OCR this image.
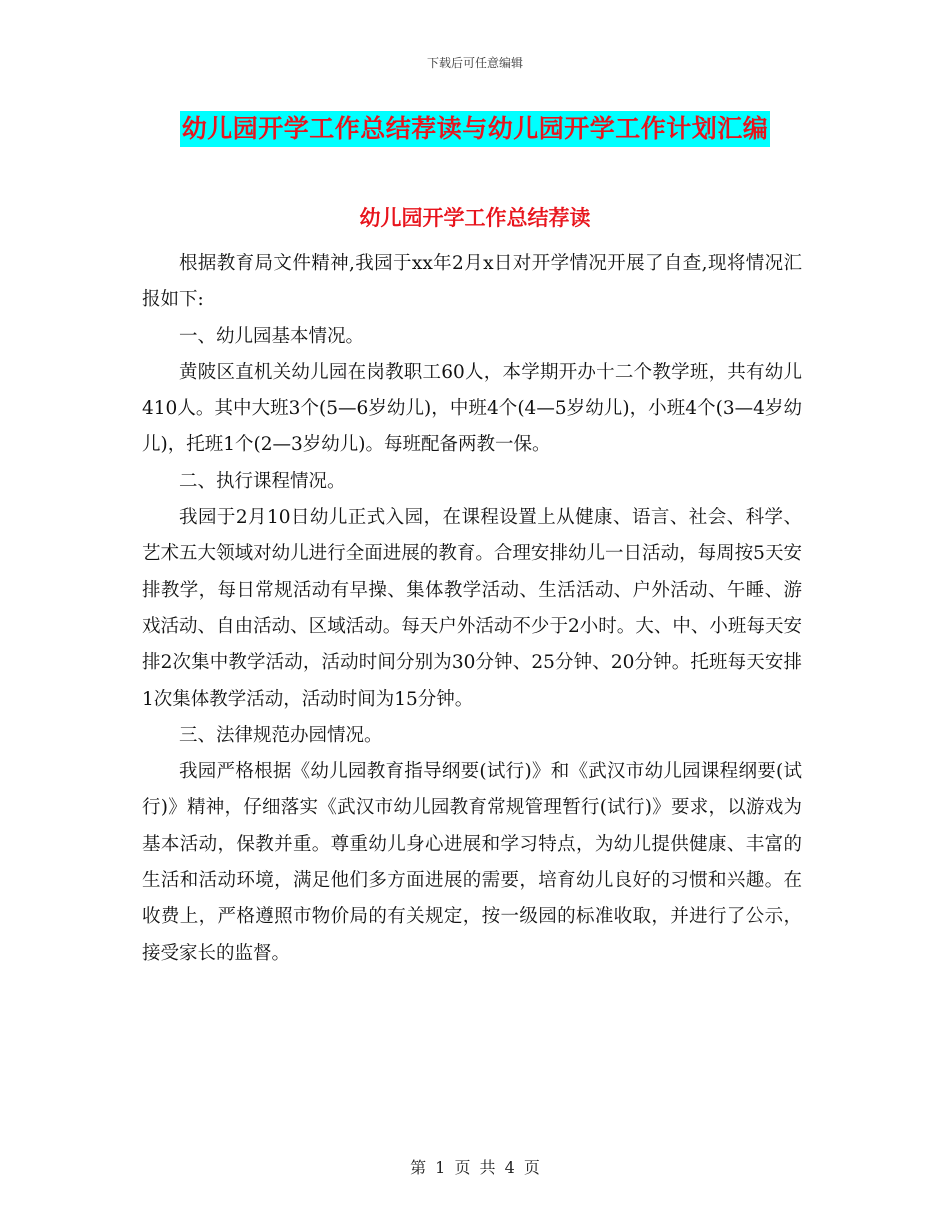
下载后可任意编辑
幼儿园开学工作总结荐读与幼儿园开学工作计划汇编
幼儿园开学工作总结荐读

根据教育局文件精神,我园于xx年2月x日对开学情况开展了自查,现将情况汇报如下:

一、幼儿园基本情况。

黄陂区直机关幼儿园在岗教职工60人，本学期开办十二个教学班，共有幼儿410人。其中大班3个(5—6岁幼儿)，中班4个(4—5岁幼儿)，小班4个(3—4岁幼儿)，托班1个(2—3岁幼儿)。每班配备两教一保。

二、执行课程情况。

我园于2月10日幼儿正式入园，在课程设置上从健康、语言、社会、科学、艺术五大领域对幼儿进行全面进展的教育。合理安排幼儿一日活动，每周按5天安排教学，每日常规活动有早操、集体教学活动、生活活动、户外活动、午睡、游戏活动、自由活动、区域活动。每天户外活动不少于2小时。大、中、小班每天安排2次集中教学活动，活动时间分别为30分钟、25分钟、20分钟。托班每天安排1次集体教学活动，活动时间为15分钟。

三、法律规范办园情况。

我园严格根据《幼儿园教育指导纲要(试行)》和《武汉市幼儿园课程纲要(试行)》精神，仔细落实《武汉市幼儿园教育常规管理暂行(试行)》要求，以游戏为基本活动，保教并重。尊重幼儿身心进展和学习特点，为幼儿提供健康、丰富的生活和活动环境，满足他们多方面进展的需要，培育幼儿良好的习惯和兴趣。在收费上，严格遵照市物价局的有关规定，按一级园的标准收取，并进行了公示，接受家长的监督。

第 1 页 共 4 页
